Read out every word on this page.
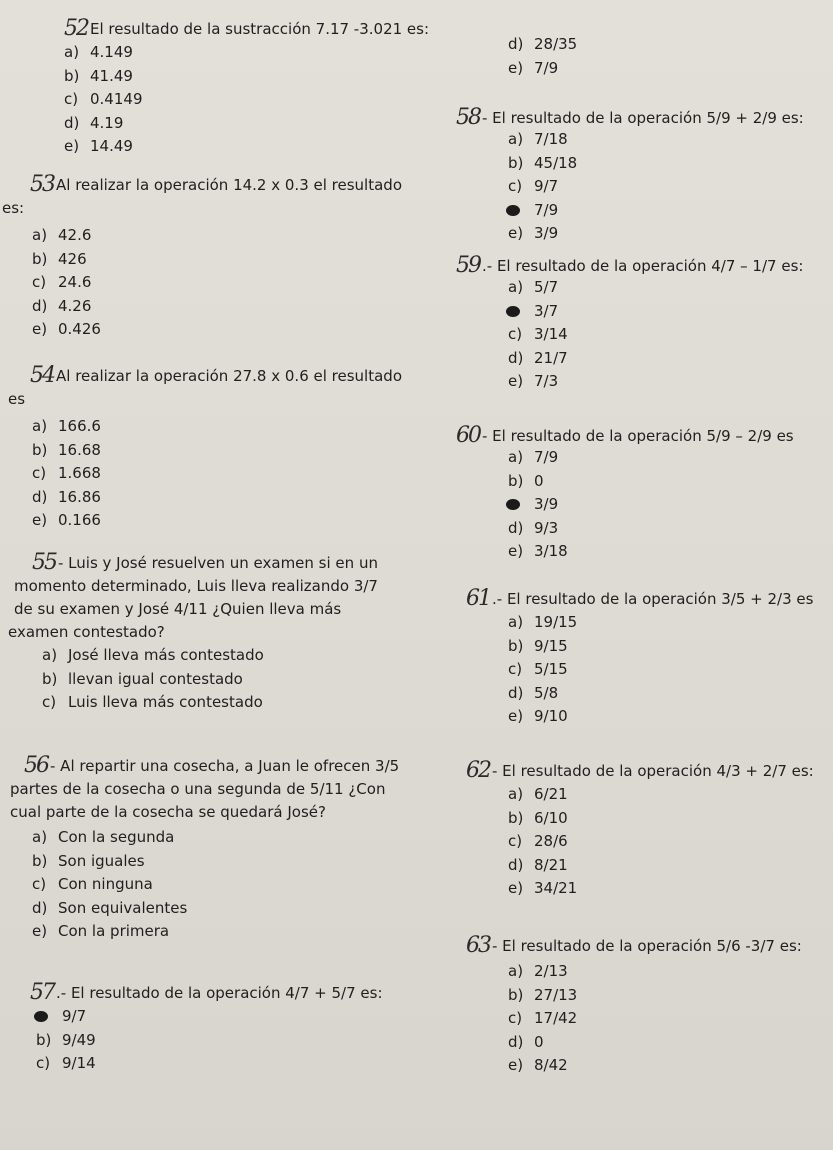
52 El resultado de la sustracción 7.17 -3.021 es:
a) 4.149
b) 41.49
c) 0.4149
d) 4.19
e) 14.49
53 Al realizar la operación 14.2 x 0.3 el resultado
es:
a) 42.6
b) 426
c) 24.6
d) 4.26
e) 0.426
54 Al realizar la operación 27.8 x 0.6 el resultado
es
a) 166.6
b) 16.68
c) 1.668
d) 16.86
e) 0.166
55 - Luis y José resuelven un examen si en un
momento determinado, Luis lleva realizando 3/7
de su examen y José 4/11 ¿Quien lleva más
examen contestado?
a) José lleva más contestado
b) llevan igual contestado
c) Luis lleva más contestado
56 - Al repartir una cosecha, a Juan le ofrecen 3/5
partes de la cosecha o una segunda de 5/11 ¿Con
cual parte de la cosecha se quedará José?
a) Con la segunda
b) Son iguales
c) Con ninguna
d) Son equivalentes
e) Con la primera
57 .- El resultado de la operación 4/7 + 5/7 es:
9/7
b) 9/49
c) 9/14
d) 28/35
e) 7/9
58 - El resultado de la operación 5/9 + 2/9 es:
a) 7/18
b) 45/18
c) 9/7
7/9
e) 3/9
59 .- El resultado de la operación 4/7 – 1/7 es:
a) 5/7
3/7
c) 3/14
d) 21/7
e) 7/3
60 - El resultado de la operación 5/9 – 2/9 es
a) 7/9
b) 0
3/9
d) 9/3
e) 3/18
61 .- El resultado de la operación 3/5 + 2/3 es
a) 19/15
b) 9/15
c) 5/15
d) 5/8
e) 9/10
62 - El resultado de la operación 4/3 + 2/7 es:
a) 6/21
b) 6/10
c) 28/6
d) 8/21
e) 34/21
63 - El resultado de la operación 5/6 -3/7 es:
a) 2/13
b) 27/13
c) 17/42
d) 0
e) 8/42
